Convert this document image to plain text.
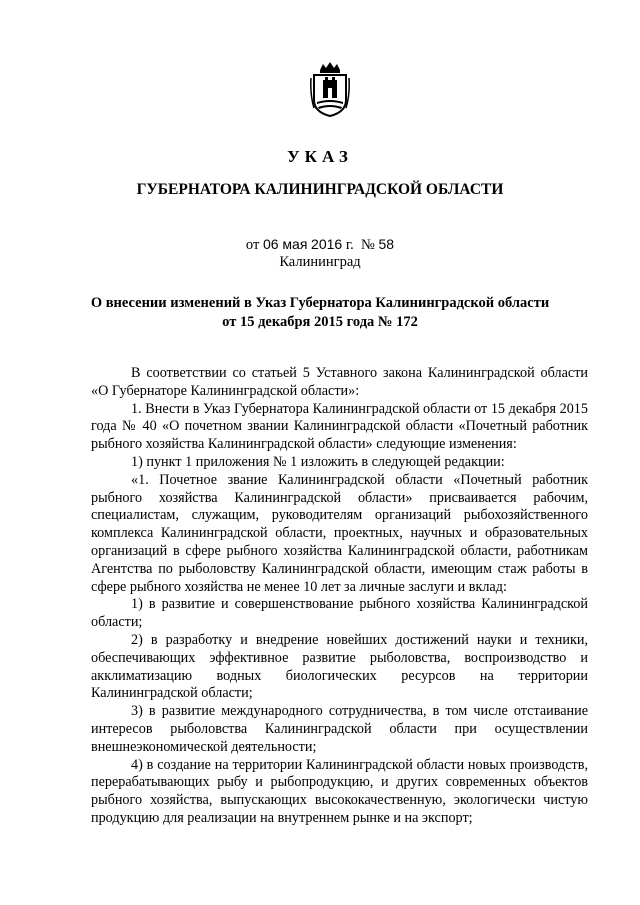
УКАЗ
ГУБЕРНАТОРА КАЛИНИНГРАДСКОЙ ОБЛАСТИ
от 06 мая 2016 г. № 58
Калининград
О внесении изменений в Указ Губернатора Калининградской области
от 15 декабря 2015 года № 172

В соответствии со статьей 5 Уставного закона Калининградской области «О Губернаторе Калининградской области»:

1. Внести в Указ Губернатора Калининградской области от 15 декабря 2015 года № 40 «О почетном звании Калининградской области «Почетный работник рыбного хозяйства Калининградской области» следующие изменения:

1) пункт 1 приложения № 1 изложить в следующей редакции:

«1. Почетное звание Калининградской области «Почетный работник рыбного хозяйства Калининградской области» присваивается рабочим, специалистам, служащим, руководителям организаций рыбохозяйственного комплекса Калининградской области, проектных, научных и образовательных организаций в сфере рыбного хозяйства Калининградской области, работникам Агентства по рыболовству Калининградской области, имеющим стаж работы в сфере рыбного хозяйства не менее 10 лет за личные заслуги и вклад:

1) в развитие и совершенствование рыбного хозяйства Калининградской области;

2) в разработку и внедрение новейших достижений науки и техники, обеспечивающих эффективное развитие рыболовства, воспроизводство и акклиматизацию водных биологических ресурсов на территории Калининградской области;

3) в развитие международного сотрудничества, в том числе отстаивание интересов рыболовства Калининградской области при осуществлении внешнеэкономической деятельности;

4) в создание на территории Калининградской области новых производств, перерабатывающих рыбу и рыбопродукцию, и других современных объектов рыбного хозяйства, выпускающих высококачественную, экологически чистую продукцию для реализации на внутреннем рынке и на экспорт;
